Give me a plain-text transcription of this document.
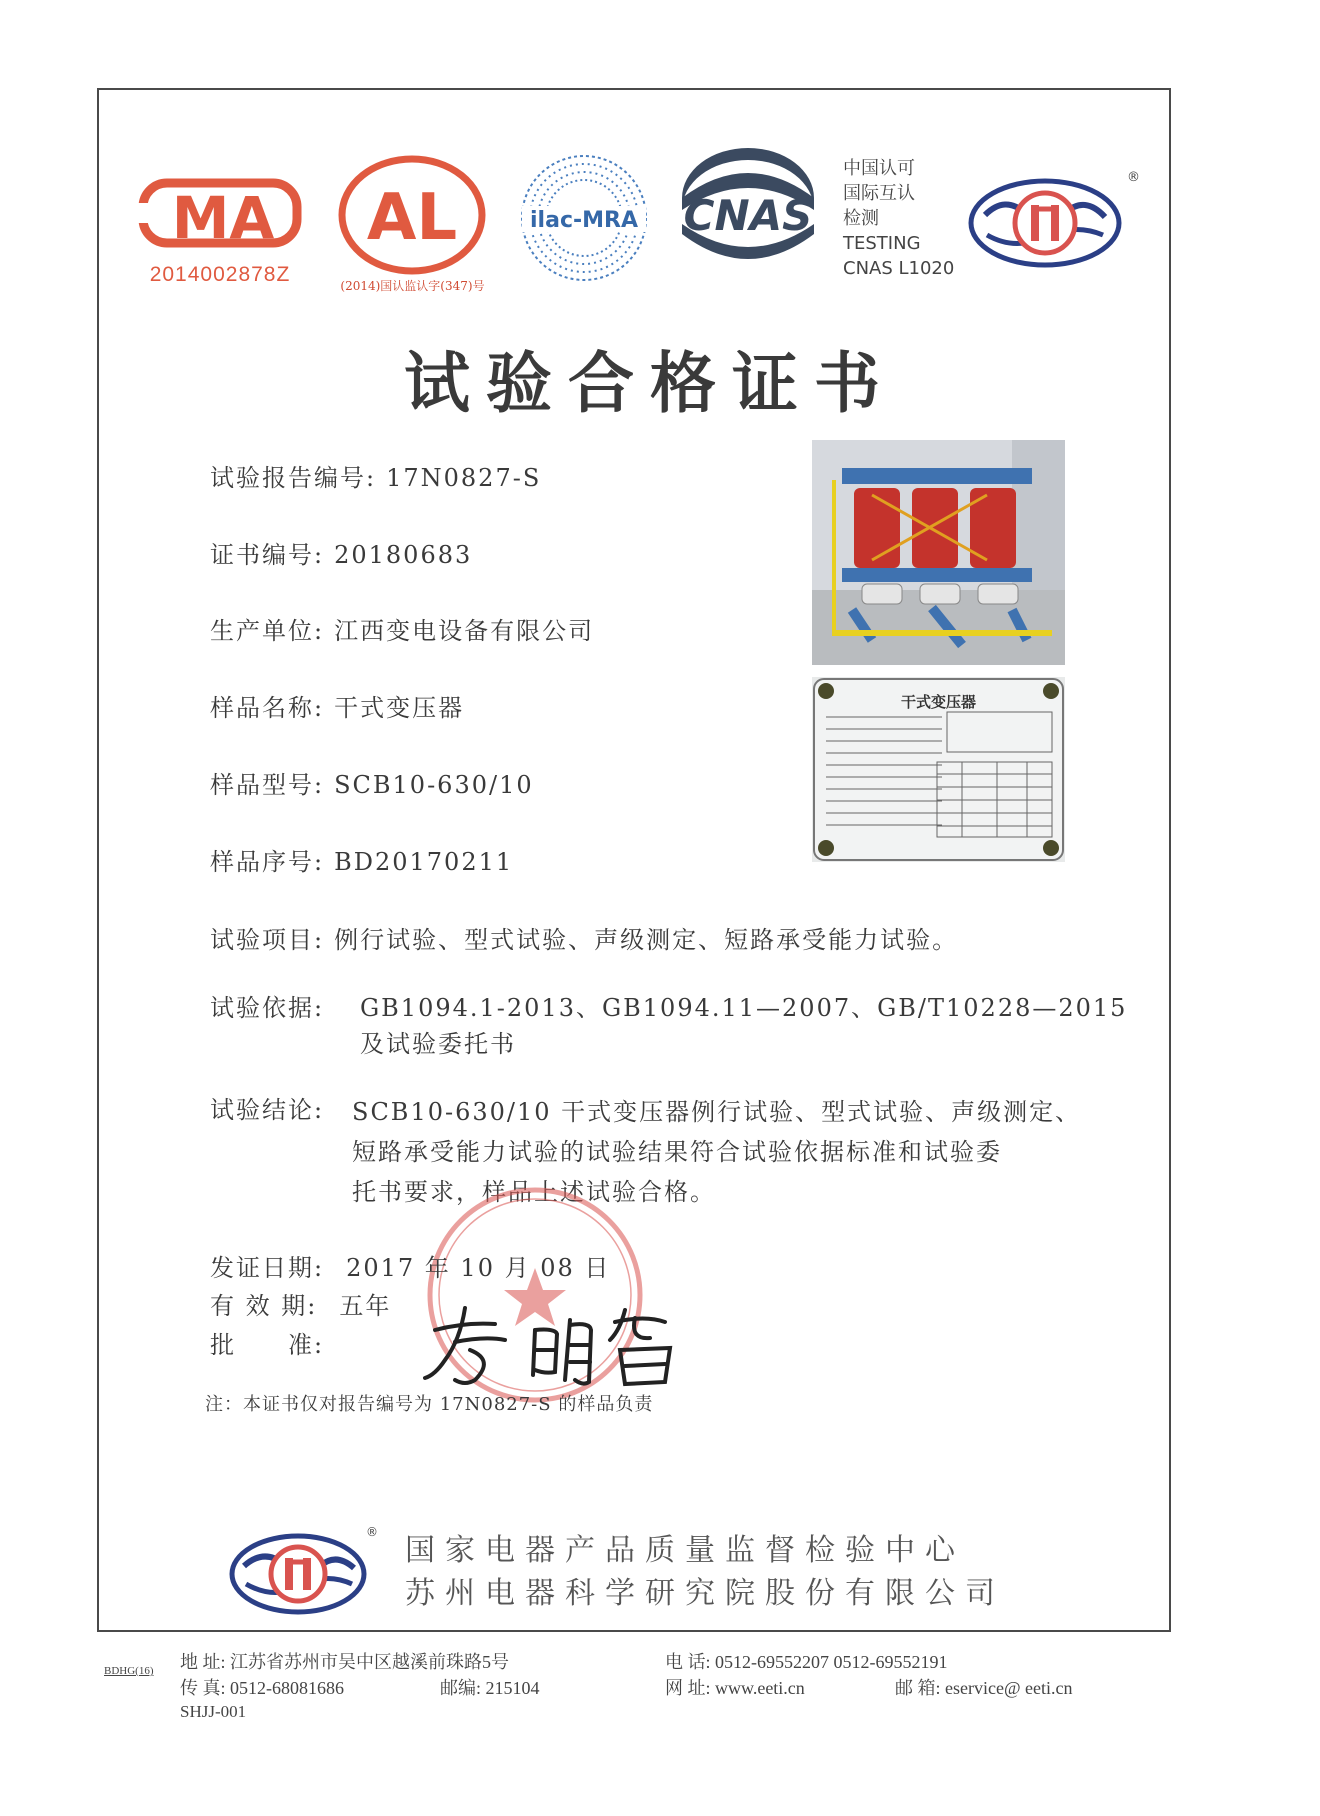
MA
2014002878Z
AL
(2014)国认监认字(347)号
ilac-MRA CNAS
中国认可
国际互认
检测
TESTING
CNAS L1020
®
试验合格证书
试验报告编号: 17N0827-S
证书编号: 20180683
生产单位: 江西变电设备有限公司
样品名称: 干式变压器
样品型号: SCB10-630/10
样品序号: BD20170211
试验项目: 例行试验、型式试验、声级测定、短路承受能力试验。
试验依据: GB1094.1-2013、GB1094.11—2007、GB/T10228—2015
及试验委托书
试验结论: SCB10-630/10 干式变压器例行试验、型式试验、声级测定、
短路承受能力试验的试验结果符合试验依据标准和试验委
托书要求，样品上述试验合格。
发证日期: 2017 年 10 月 08 日
有 效 期: 五年
批　　准:
注：本证书仅对报告编号为 17N0827-S 的样品负责
干式变压器
®
国家电器产品质量监督检验中心
苏州电器科学研究院股份有限公司
BDHG(16) 地 址: 江苏省苏州市吴中区越溪前珠路5号
传 真: 0512-68081686	邮编: 215104
电 话: 0512-69552207 0512-69552191
网 址: www.eeti.cn	邮 箱: eservice@ eeti.cn
SHJJ-001
